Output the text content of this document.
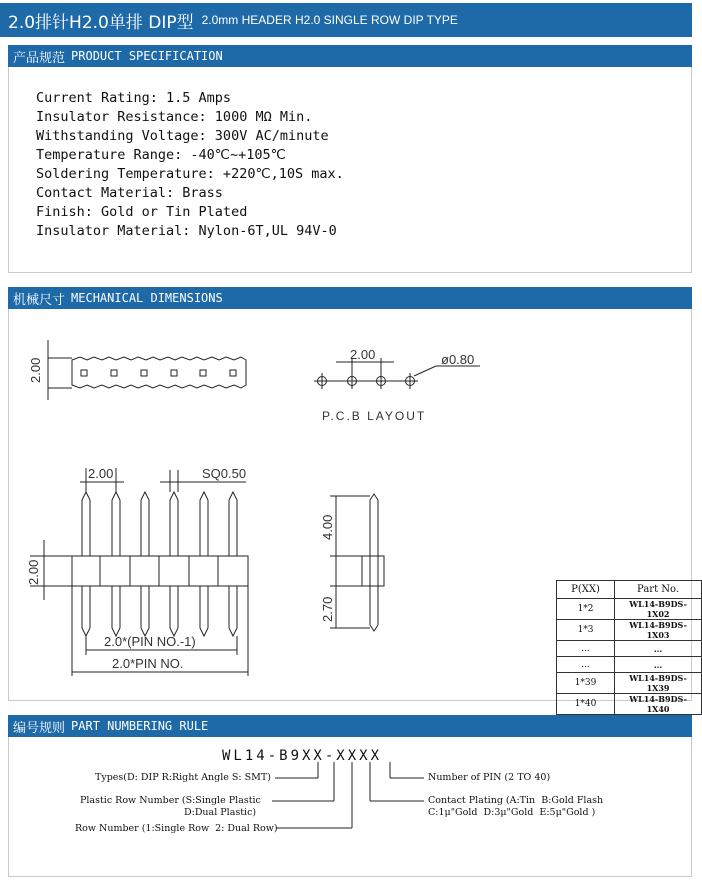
2.0排针H2.0单排 DIP型 2.0mm HEADER H2.0 SINGLE ROW DIP TYPE
产品规范 PRODUCT SPECIFICATION
Current Rating: 1.5 Amps
Insulator Resistance: 1000 MΩ Min.
Withstanding Voltage: 300V AC/minute
Temperature Range: -40℃~+105℃
Soldering Temperature: +220℃,10S max.
Contact Material: Brass
Finish: Gold or Tin Plated
Insulator Material: Nylon-6T,UL 94V-0
机械尺寸 MECHANICAL DIMENSIONS
2.00
2.00	ø0.80
P.C.B LAYOUT
2.00	SQ0.50
2.00
2.0*(PIN NO.-1)
2.0*PIN NO.
4.00
2.70
P(XX)	Part No.
1*2	WL14-B9DS-1X02
1*3	WL14-B9DS-1X03
...	...
...	...
1*39	WL14-B9DS-1X39
1*40	WL14-B9DS-1X40
编号规则 PART NUMBERING RULE
WL14-B9XX-XXXX
Types(D: DIP R:Right Angle S: SMT)
Plastic Row Number (S:Single Plastic
D:Dual Plastic)
Row Number (1:Single Row  2: Dual Row)
Number of PIN (2 TO 40)
Contact Plating (A:Tin  B:Gold Flash
C:1μ"Gold  D:3μ"Gold  E:5μ"Gold )
